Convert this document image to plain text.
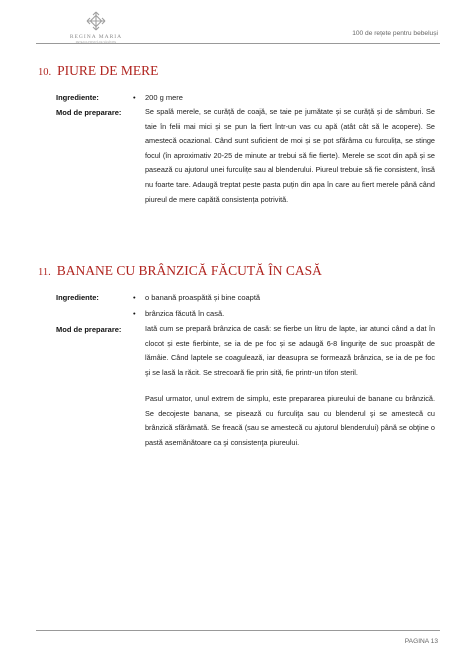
REGINA MARIA
REȚEAUA PRIVATĂ DE SĂNĂTATE
100 de rețete pentru bebeluși
10. PIURE DE MERE
Ingrediente:	• 200 g mere
Mod de preparare:	Se spală merele, se curăță de coajă, se taie pe jumătate și se curăță și de sâmburi. Se taie în felii mai mici și se pun la fiert într-un vas cu apă (atât cât să le acopere). Se amestecă ocazional. Când sunt suficient de moi și se pot sfărâma cu furculița, se stinge focul (în aproximativ 20-25 de minute ar trebui să fie fierte). Merele se scot din apă și se pasează cu ajutorul unei furculițe sau al blenderului. Piureul trebuie să fie consistent, însă nu foarte tare. Adaugă treptat peste pasta puțin din apa în care au fiert merele până când piureul de mere capătă consistența potrivită.
11. BANANE CU BRÂNZICĂ FĂCUTĂ ÎN CASĂ
Ingrediente:	• o banană proaspătă și bine coaptă
• brânzica făcută în casă.
Mod de preparare:	Iată cum se prepară brânzica de casă: se fierbe un litru de lapte, iar atunci când a dat în clocot și este fierbinte, se ia de pe foc și se adaugă 6-8 linguriţe de suc proaspăt de lămâie. Când laptele se coagulează, iar deasupra se formează brânzica, se ia de pe foc şi se lasă la răcit. Se strecoară fie prin sită, fie printr-un tifon steril.
Pasul urmator, unul extrem de simplu, este prepararea piureului de banane cu brânzică. Se decojeste banana, se pisează cu furculiţa sau cu blenderul şi se amestecă cu brânzică sfărâmată. Se freacă (sau se amestecă cu ajutorul blenderului) până se obţine o pastă asemănătoare ca şi consistenţa piureului.
PAGINA 13
